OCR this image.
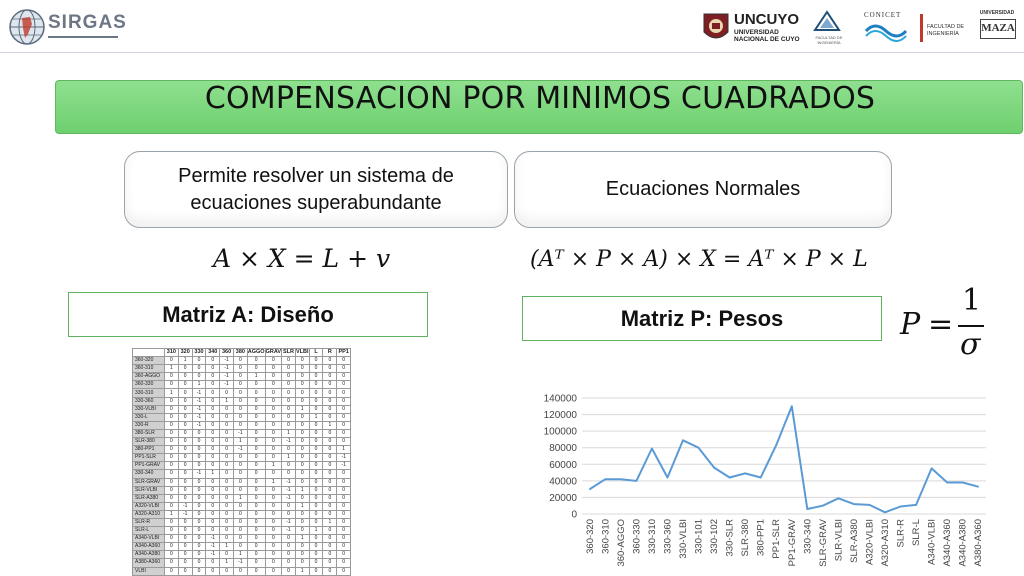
SIRGAS	UNCUYO
UNIVERSIDAD
NACIONAL DE CUYO	FACULTAD DE INGENIERÍA
CONICET
FACULTAD DE
INGENIERÍA
UNIVERSIDAD
MAZA
COMPENSACION POR MINIMOS CUADRADOS
Permite resolver un sistema de
ecuaciones superabundante
Ecuaciones Normales
A × X = L + v	(Aᵀ × P × A) × X = Aᵀ × P × L
P =
1
σ
Matriz A: Diseño	Matriz P: Pesos
	310	320	330	340	360	380	AGGO	GRAV	SLR	VLBI	L	R	PP1
360-320	0	1	0	0	-1	0	0	0	0	0	0	0	0
360-310	1	0	0	0	-1	0	0	0	0	0	0	0	0
360-AGGO	0	0	0	0	-1	0	1	0	0	0	0	0	0
360-330	0	0	1	0	-1	0	0	0	0	0	0	0	0
330-310	1	0	-1	0	0	0	0	0	0	0	0	0	0
330-360	0	0	-1	0	1	0	0	0	0	0	0	0	0
330-VLBI	0	0	-1	0	0	0	0	0	0	1	0	0	0
330-L	0	0	-1	0	0	0	0	0	0	0	1	0	0
330-R	0	0	-1	0	0	0	0	0	0	0	0	1	0
380-SLR	0	0	0	0	0	-1	0	0	1	0	0	0	0
SLR-380	0	0	0	0	0	1	0	0	-1	0	0	0	0
380-PP1	0	0	0	0	0	-1	0	0	0	0	0	0	1
PP1-SLR	0	0	0	0	0	0	0	0	1	0	0	0	-1
PP1-GRAV	0	0	0	0	0	0	0	1	0	0	0	0	-1
330-340	0	0	-1	1	0	0	0	0	0	0	0	0	0
SLR-GRAV	0	0	0	0	0	0	0	1	-1	0	0	0	0
SLR-VLBI	0	0	0	0	0	0	0	0	-1	1	0	0	0
SLR-A380	0	0	0	0	0	1	0	0	-1	0	0	0	0
A320-VLBI	0	-1	0	0	0	0	0	0	0	1	0	0	0
A320-A310	1	-1	0	0	0	0	0	0	0	0	0	0	0
SLR-R	0	0	0	0	0	0	0	0	-1	0	0	1	0
SLR-L	0	0	0	0	0	0	0	0	-1	0	1	0	0
A340-VLBI	0	0	0	-1	0	0	0	0	0	1	0	0	0
A340-A360	0	0	0	-1	1	0	0	0	0	0	0	0	0
A340-A380	0	0	0	-1	0	1	0	0	0	0	0	0	0
A380-A360	0	0	0	0	1	-1	0	0	0	0	0	0	0
VLBI	0	0	0	0	0	0	0	0	0	1	0	0	0
0
20000
40000
60000
80000
100000
120000
140000
360-320 360-310 360-AGGO 360-330 330-310 330-360 330-VLBI 330-101 330-102 330-SLR SLR-380 380-PP1 PP1-SLR PP1-GRAV 330-340 SLR-GRAV SLR-VLBI SLR-A380 A320-VLBI A320-A310 SLR-R SLR-L A340-VLBI A340-A360 A340-A380 A380-A360
